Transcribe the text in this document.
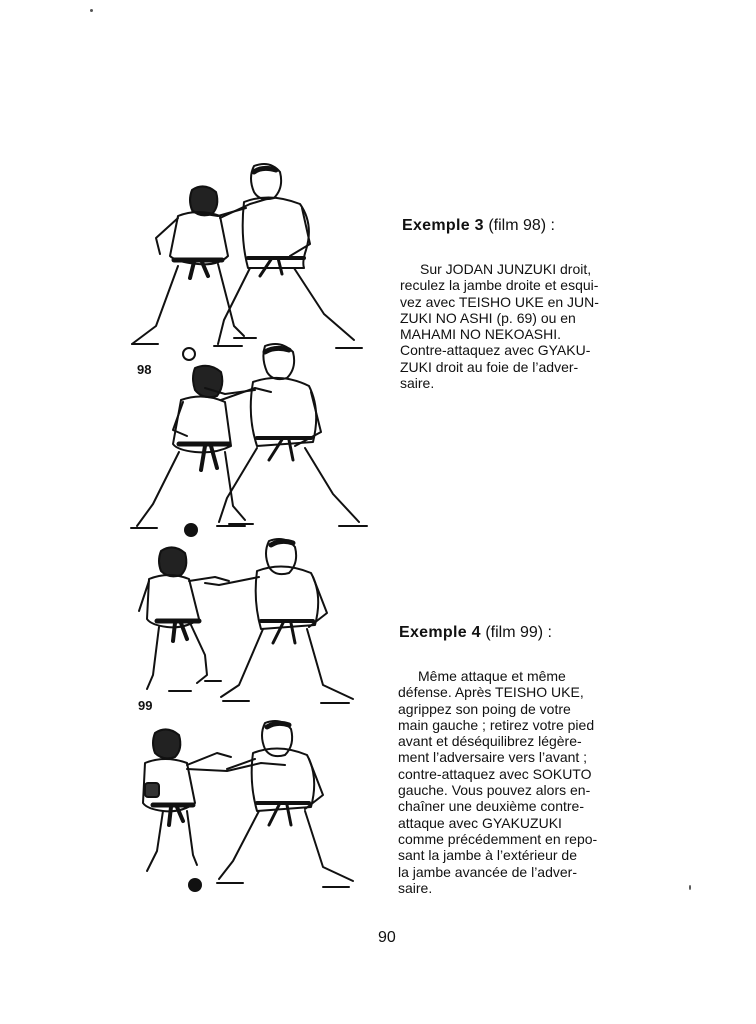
98
99
Exemple 3 (film 98) :
Sur JODAN JUNZUKI droit,
reculez la jambe droite et esqui-
vez avec TEISHO UKE en JUN-
ZUKI NO ASHI (p. 69) ou en
MAHAMI NO NEKOASHI.
Contre-attaquez avec GYAKU-
ZUKI droit au foie de l’adver-
saire.
Exemple 4 (film 99) :
Même attaque et même
défense. Après TEISHO UKE,
agrippez son poing de votre
main gauche ; retirez votre pied
avant et déséquilibrez légère-
ment l’adversaire vers l’avant ;
contre-attaquez avec SOKUTO
gauche. Vous pouvez alors en-
chaîner une deuxième contre-
attaque avec GYAKUZUKI
comme précédemment en repo-
sant la jambe à l’extérieur de
la jambe avancée de l’adver-
saire.
90
